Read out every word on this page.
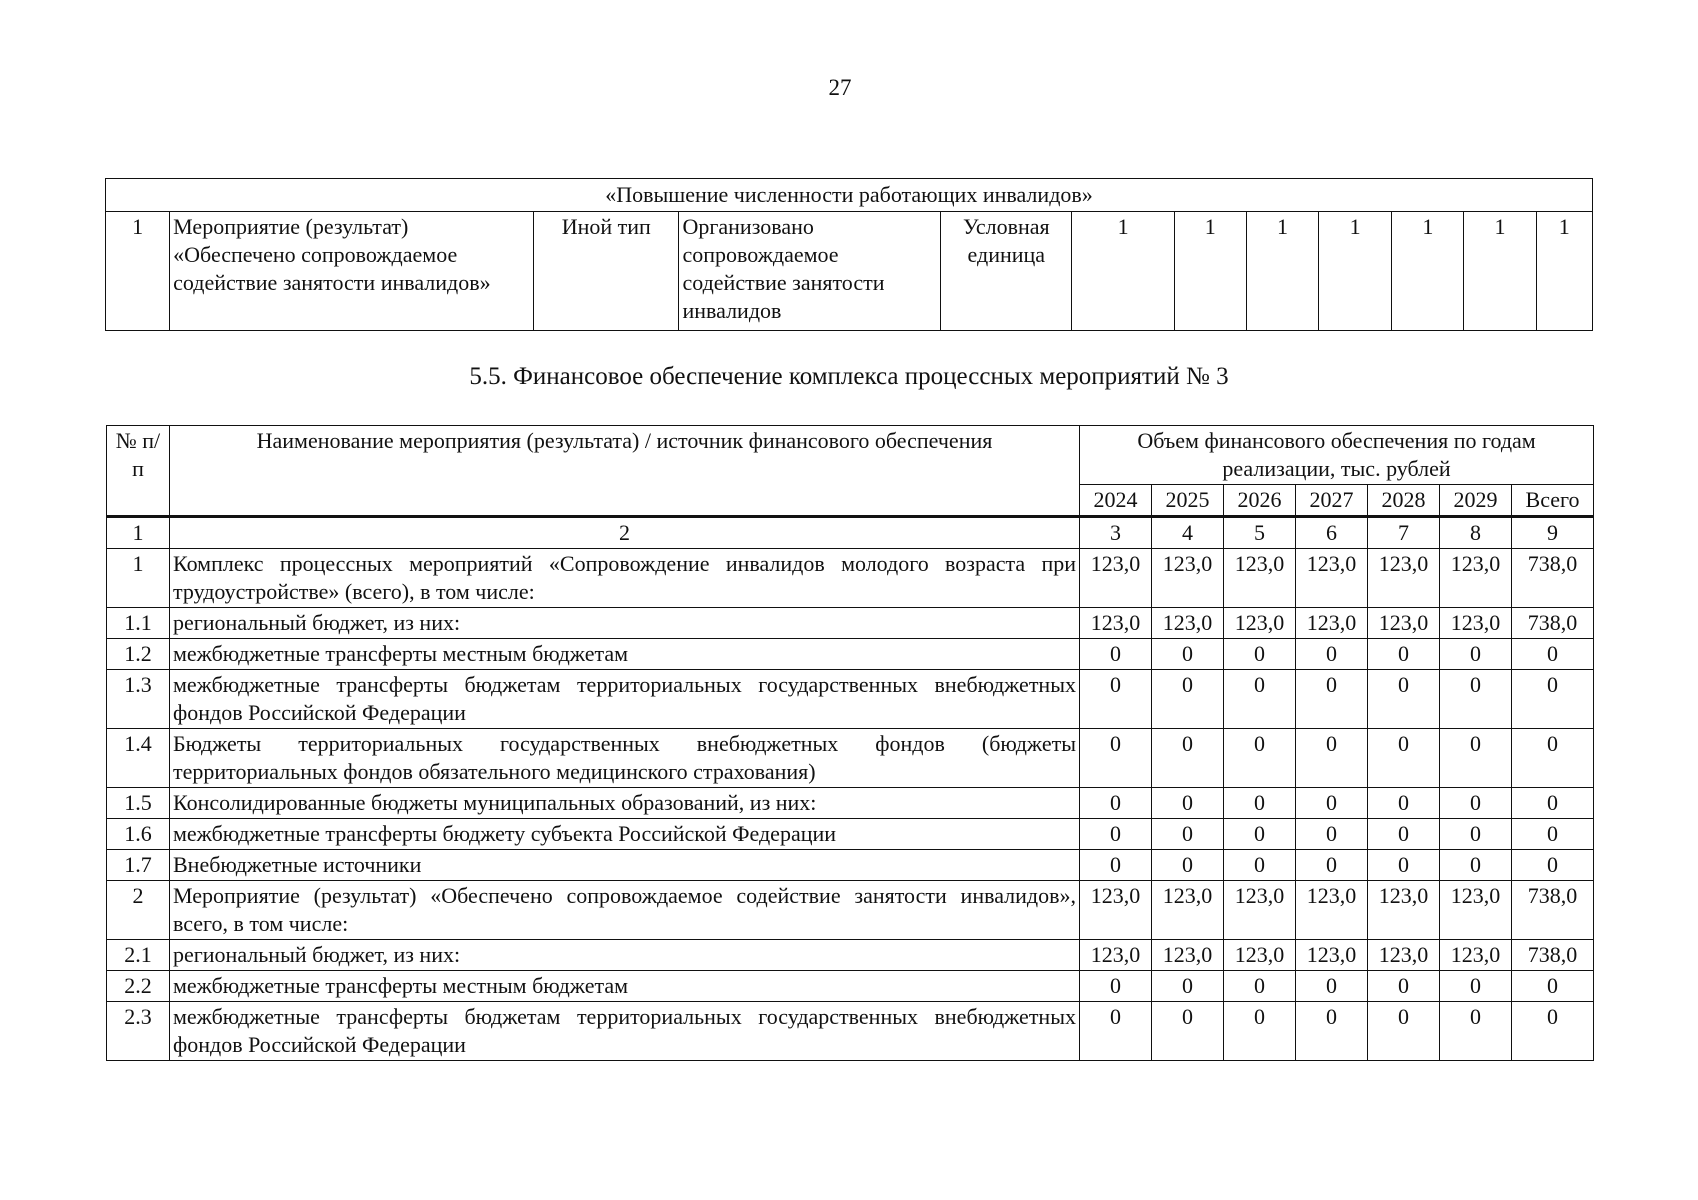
27
«Повышение численности работающих инвалидов»
1	Мероприятие (результат) «Обеспечено сопровождаемое содействие занятости инвалидов»	Иной тип	Организовано сопровождаемое содействие занятости инвалидов	Условная единица	1	1	1	1	1	1	1
5.5. Финансовое обеспечение комплекса процессных мероприятий № 3
№ п/п	Наименование мероприятия (результата) / источник финансового обеспечения	Объем финансового обеспечения по годам реализации, тыс. рублей						
		2024	2025	2026	2027	2028	2029	Всего
1	2	3	4	5	6	7	8	9
1	Комплекс процессных мероприятий «Сопровождение инвалидов молодого возраста при трудоустройстве» (всего), в том числе:	123,0	123,0	123,0	123,0	123,0	123,0	738,0
1.1	региональный бюджет, из них:	123,0	123,0	123,0	123,0	123,0	123,0	738,0
1.2	межбюджетные трансферты местным бюджетам	0	0	0	0	0	0	0
1.3	межбюджетные трансферты бюджетам территориальных государственных внебюджетных фондов Российской Федерации	0	0	0	0	0	0	0
1.4	Бюджеты территориальных государственных внебюджетных фондов (бюджеты территориальных фондов обязательного медицинского страхования)	0	0	0	0	0	0	0
1.5	Консолидированные бюджеты муниципальных образований, из них:	0	0	0	0	0	0	0
1.6	межбюджетные трансферты бюджету субъекта Российской Федерации	0	0	0	0	0	0	0
1.7	Внебюджетные источники	0	0	0	0	0	0	0
2	Мероприятие (результат) «Обеспечено сопровождаемое содействие занятости инвалидов», всего, в том числе:	123,0	123,0	123,0	123,0	123,0	123,0	738,0
2.1	региональный бюджет, из них:	123,0	123,0	123,0	123,0	123,0	123,0	738,0
2.2	межбюджетные трансферты местным бюджетам	0	0	0	0	0	0	0
2.3	межбюджетные трансферты бюджетам территориальных государственных внебюджетных фондов Российской Федерации	0	0	0	0	0	0	0
